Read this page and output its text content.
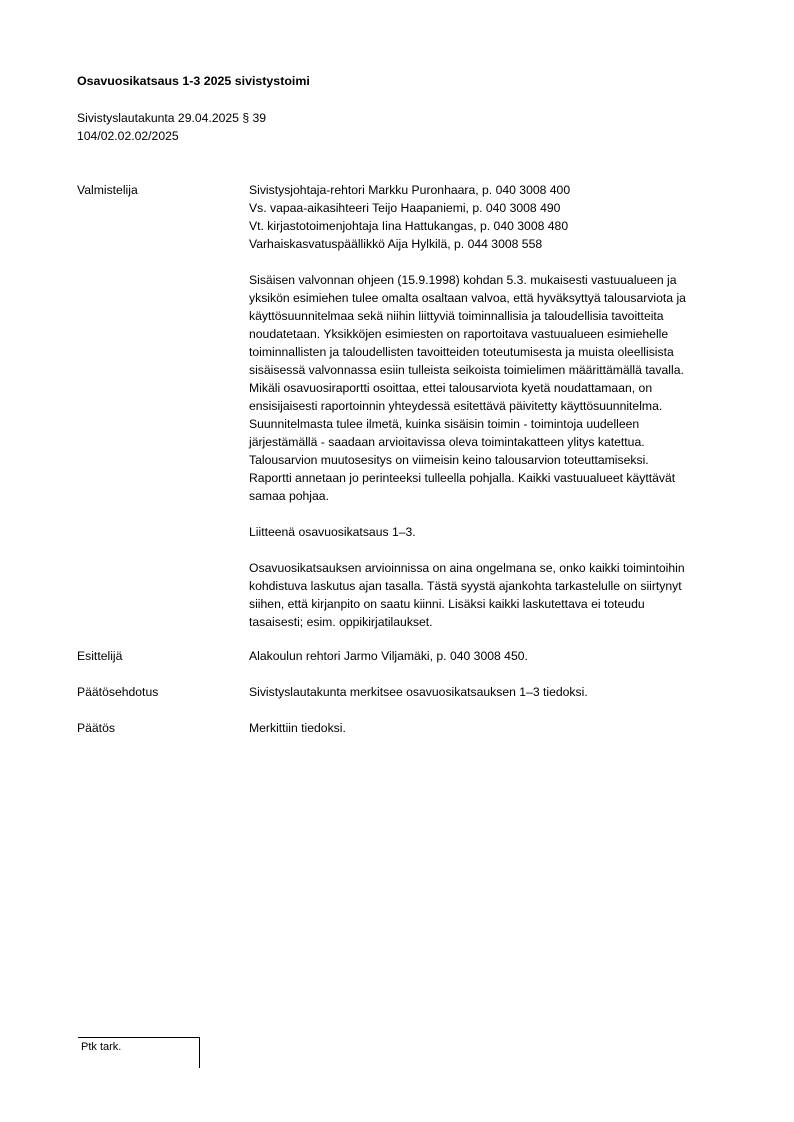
Osavuosikatsaus 1-3 2025 sivistystoimi
Sivistyslautakunta 29.04.2025 § 39
104/02.02.02/2025
Valmistelija	Sivistysjohtaja-rehtori Markku Puronhaara, p. 040 3008 400
Vs. vapaa-aikasihteeri Teijo Haapaniemi, p. 040 3008 490
Vt. kirjastotoimenjohtaja Iina Hattukangas, p. 040 3008 480
Varhaiskasvatuspäällikkö Aija Hylkilä, p. 044 3008 558
Sisäisen valvonnan ohjeen (15.9.1998) kohdan 5.3. mukaisesti vastuualueen ja
yksikön esimiehen tulee omalta osaltaan valvoa, että hyväksyttyä talousarviota ja
käyttösuunnitelmaa sekä niihin liittyviä toiminnallisia ja taloudellisia tavoitteita
noudatetaan. Yksikköjen esimiesten on raportoitava vastuualueen esimiehelle
toiminnallisten ja taloudellisten tavoitteiden toteutumisesta ja muista oleellisista
sisäisessä valvonnassa esiin tulleista seikoista toimielimen määrittämällä tavalla.
Mikäli osavuosiraportti osoittaa, ettei talousarviota kyetä noudattamaan, on
ensisijaisesti raportoinnin yhteydessä esitettävä päivitetty käyttösuunnitelma.
Suunnitelmasta tulee ilmetä, kuinka sisäisin toimin - toimintoja uudelleen
järjestämällä - saadaan arvioitavissa oleva toimintakatteen ylitys katettua.
Talousarvion muutosesitys on viimeisin keino talousarvion toteuttamiseksi.
Raportti annetaan jo perinteeksi tulleella pohjalla. Kaikki vastuualueet käyttävät
samaa pohjaa.
Liitteenä osavuosikatsaus 1–3.
Osavuosikatsauksen arvioinnissa on aina ongelmana se, onko kaikki toimintoihin
kohdistuva laskutus ajan tasalla. Tästä syystä ajankohta tarkastelulle on siirtynyt
siihen, että kirjanpito on saatu kiinni. Lisäksi kaikki laskutettava ei toteudu
tasaisesti; esim. oppikirjatilaukset.
Esittelijä	Alakoulun rehtori Jarmo Viljamäki, p. 040 3008 450.
Päätösehdotus	Sivistyslautakunta merkitsee osavuosikatsauksen 1–3 tiedoksi.
Päätös	Merkittiin tiedoksi.
Ptk tark.
